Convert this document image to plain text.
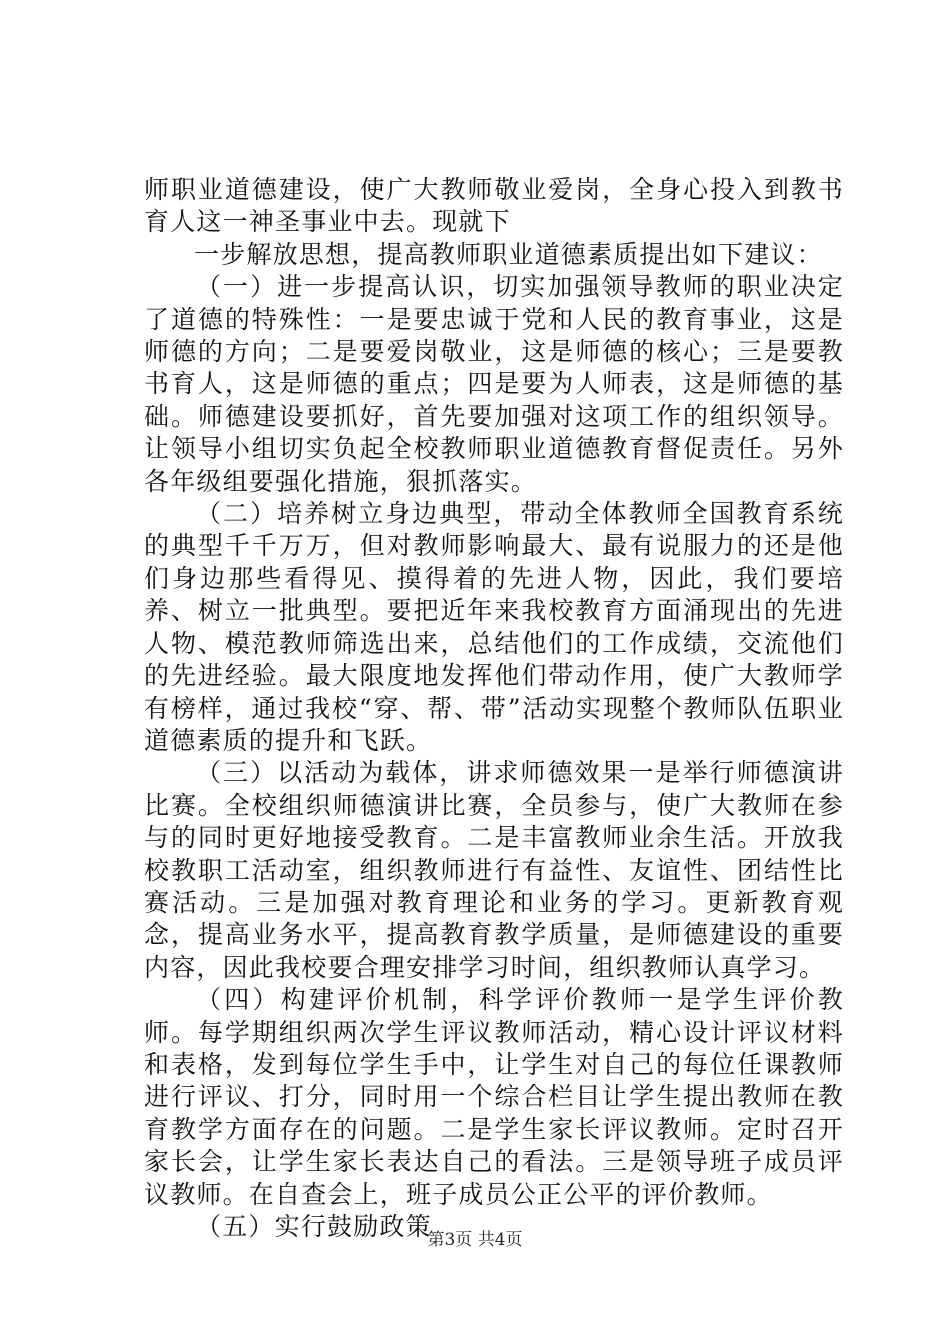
师职业道德建设，使广大教师敬业爱岗，全身心投入到教书育人这一神圣事业中去。现就下

一步解放思想，提高教师职业道德素质提出如下建议：

（一）进一步提高认识，切实加强领导教师的职业决定了道德的特殊性：一是要忠诚于党和人民的教育事业，这是师德的方向；二是要爱岗敬业，这是师德的核心；三是要教书育人，这是师德的重点；四是要为人师表，这是师德的基础。师德建设要抓好，首先要加强对这项工作的组织领导。让领导小组切实负起全校教师职业道德教育督促责任。另外各年级组要强化措施，狠抓落实。

（二）培养树立身边典型，带动全体教师全国教育系统的典型千千万万，但对教师影响最大、最有说服力的还是他们身边那些看得见、摸得着的先进人物，因此，我们要培养、树立一批典型。要把近年来我校教育方面涌现出的先进人物、模范教师筛选出来，总结他们的工作成绩，交流他们的先进经验。最大限度地发挥他们带动作用，使广大教师学有榜样，通过我校“穿、帮、带”活动实现整个教师队伍职业道德素质的提升和飞跃。

（三）以活动为载体，讲求师德效果一是举行师德演讲比赛。全校组织师德演讲比赛，全员参与，使广大教师在参与的同时更好地接受教育。二是丰富教师业余生活。开放我校教职工活动室，组织教师进行有益性、友谊性、团结性比赛活动。三是加强对教育理论和业务的学习。更新教育观念，提高业务水平，提高教育教学质量，是师德建设的重要内容，因此我校要合理安排学习时间，组织教师认真学习。

（四）构建评价机制，科学评价教师一是学生评价教师。每学期组织两次学生评议教师活动，精心设计评议材料和表格，发到每位学生手中，让学生对自己的每位任课教师进行评议、打分，同时用一个综合栏目让学生提出教师在教育教学方面存在的问题。二是学生家长评议教师。定时召开家长会，让学生家长表达自己的看法。三是领导班子成员评议教师。在自查会上，班子成员公正公平的评价教师。

（五）实行鼓励政策

第3页 共4页
